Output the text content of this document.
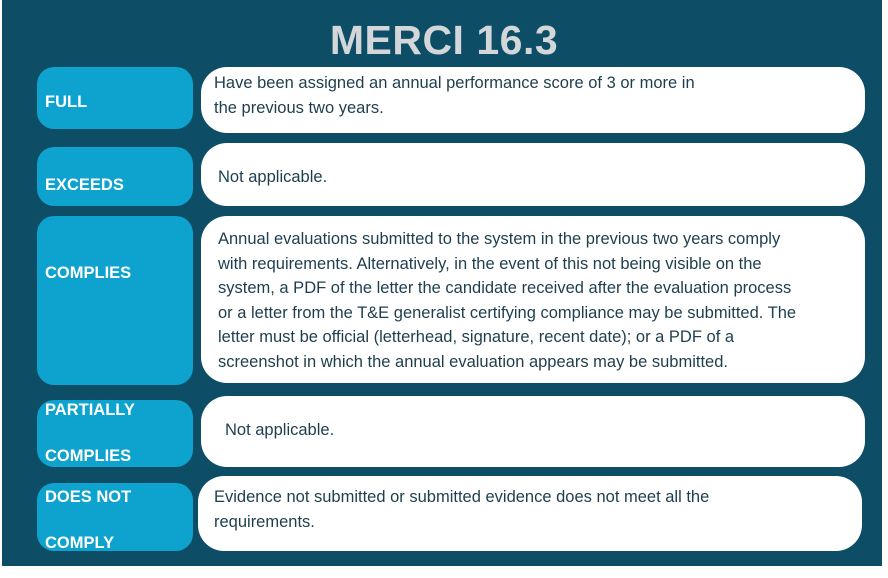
MERCI 16.3
FULL
Have been assigned an annual performance score of 3 or more in
the previous two years.
EXCEEDS	Not applicable.
COMPLIES
Annual evaluations submitted to the system in the previous two years comply
with requirements. Alternatively, in the event of this not being visible on the
system, a PDF of the letter the candidate received after the evaluation process
or a letter from the T&E generalist certifying compliance may be submitted. The
letter must be official (letterhead, signature, recent date); or a PDF of a
screenshot in which the annual evaluation appears may be submitted.

PARTIALLY

COMPLIES

Not applicable.

DOES NOT

COMPLY

Evidence not submitted or submitted evidence does not meet all the
requirements.
